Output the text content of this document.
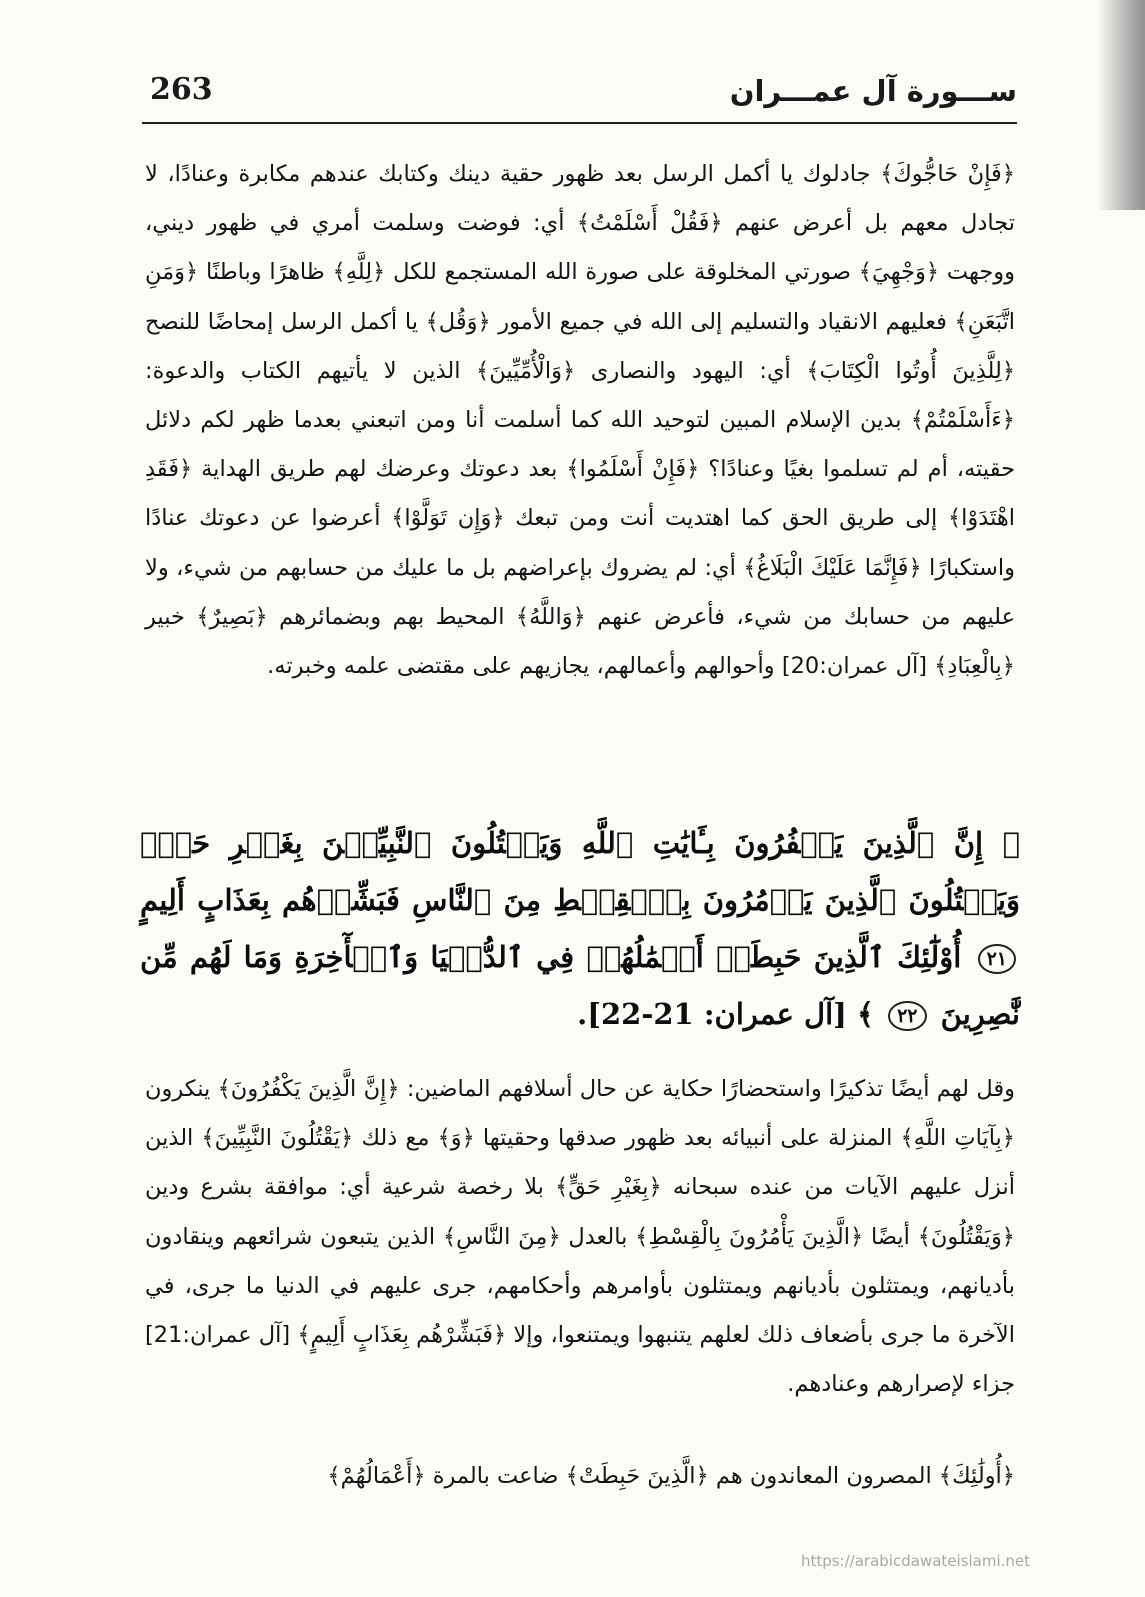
263	ســـورة آل عمـــران

﴿فَإِنْ حَاجُّوكَ﴾ جادلوك يا أكمل الرسل بعد ظهور حقية دينك وكتابك عندهم مكابرة وعنادًا، لا تجادل معهم بل أعرض عنهم ﴿فَقُلْ أَسْلَمْتُ﴾ أي: فوضت وسلمت أمري في ظهور ديني، ووجهت ﴿وَجْهِيَ﴾ صورتي المخلوقة على صورة الله المستجمع للكل ﴿لِلَّهِ﴾ ظاهرًا وباطنًا ﴿وَمَنِ اتَّبَعَنِ﴾ فعليهم الانقياد والتسليم إلى الله في جميع الأمور ﴿وَقُل﴾ يا أكمل الرسل إمحاضًا للنصح ﴿لِلَّذِينَ أُوتُوا الْكِتَابَ﴾ أي: اليهود والنصارى ﴿وَالْأُمِّيِّينَ﴾ الذين لا يأتيهم الكتاب والدعوة: ﴿ءَأَسْلَمْتُمْ﴾ بدين الإسلام المبين لتوحيد الله كما أسلمت أنا ومن اتبعني بعدما ظهر لكم دلائل حقيته، أم لم تسلموا بغيًا وعنادًا؟ ﴿فَإِنْ أَسْلَمُوا﴾ بعد دعوتك وعرضك لهم طريق الهداية ﴿فَقَدِ اهْتَدَوْا﴾ إلى طريق الحق كما اهتديت أنت ومن تبعك ﴿وَإِن تَوَلَّوْا﴾ أعرضوا عن دعوتك عنادًا واستكبارًا ﴿فَإِنَّمَا عَلَيْكَ الْبَلَاغُ﴾ أي: لم يضروك بإعراضهم بل ما عليك من حسابهم من شيء، ولا عليهم من حسابك من شيء، فأعرض عنهم ﴿وَاللَّهُ﴾ المحيط بهم وبضمائرهم ﴿بَصِيرٌ﴾ خبير ﴿بِالْعِبَادِ﴾ [آل عمران:20] وأحوالهم وأعمالهم، يجازيهم على مقتضى علمه وخبرته.

﴿ إِنَّ ٱلَّذِينَ يَكۡفُرُونَ بِـَٔايَٰتِ ٱللَّهِ وَيَقۡتُلُونَ ٱلنَّبِيِّـۧنَ بِغَيۡرِ حَقّٖ وَيَقۡتُلُونَ ٱلَّذِينَ يَأۡمُرُونَ بِٱلۡقِسۡطِ مِنَ ٱلنَّاسِ فَبَشِّرۡهُم بِعَذَابٍ أَلِيمٍ ٢١ أُوْلَٰٓئِكَ ٱلَّذِينَ حَبِطَتۡ أَعۡمَٰلُهُمۡ فِي ٱلدُّنۡيَا وَٱلۡأٓخِرَةِ وَمَا لَهُم مِّن نَّٰصِرِينَ ٢٢ ﴾ [آل عمران: 21-22].

وقل لهم أيضًا تذكيرًا واستحضارًا حكاية عن حال أسلافهم الماضين: ﴿إِنَّ الَّذِينَ يَكْفُرُونَ﴾ ينكرون ﴿بِآيَاتِ اللَّهِ﴾ المنزلة على أنبيائه بعد ظهور صدقها وحقيتها ﴿وَ﴾ مع ذلك ﴿يَقْتُلُونَ النَّبِيِّينَ﴾ الذين أنزل عليهم الآيات من عنده سبحانه ﴿بِغَيْرِ حَقٍّ﴾ بلا رخصة شرعية أي: موافقة بشرع ودين ﴿وَيَقْتُلُونَ﴾ أيضًا ﴿الَّذِينَ يَأْمُرُونَ بِالْقِسْطِ﴾ بالعدل ﴿مِنَ النَّاسِ﴾ الذين يتبعون شرائعهم وينقادون بأديانهم، ويمتثلون بأديانهم ويمتثلون بأوامرهم وأحكامهم، جرى عليهم في الدنيا ما جرى، في الآخرة ما جرى بأضعاف ذلك لعلهم يتنبهوا ويمتنعوا، وإلا ﴿فَبَشِّرْهُم بِعَذَابٍ أَلِيمٍ﴾ [آل عمران:21] جزاء لإصرارهم وعنادهم.

﴿أُولَٰئِكَ﴾ المصرون المعاندون هم ﴿الَّذِينَ حَبِطَتْ﴾ ضاعت بالمرة ﴿أَعْمَالُهُمْ﴾

https://arabicdawateislami.net
